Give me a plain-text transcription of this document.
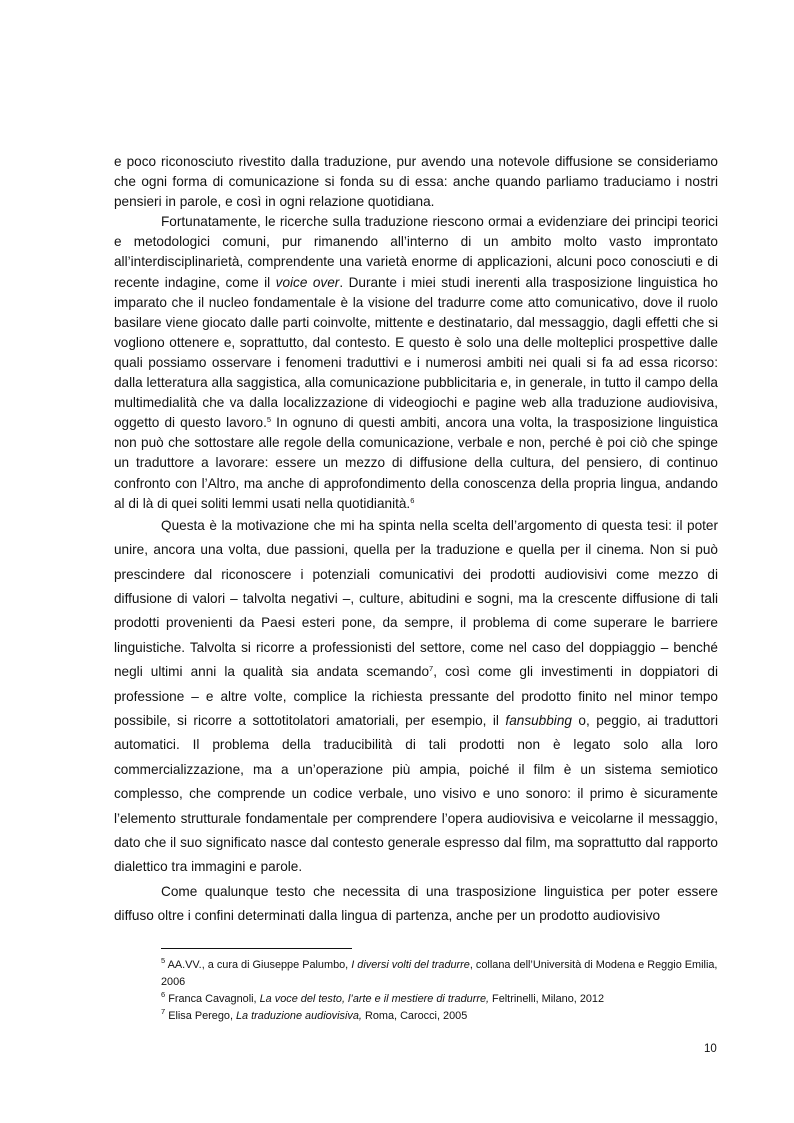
e poco riconosciuto rivestito dalla traduzione, pur avendo una notevole diffusione se consideriamo che ogni forma di comunicazione si fonda su di essa: anche quando parliamo traduciamo i nostri pensieri in parole, e così in ogni relazione quotidiana.

Fortunatamente, le ricerche sulla traduzione riescono ormai a evidenziare dei principi teorici e metodologici comuni, pur rimanendo all’interno di un ambito molto vasto improntato all’interdisciplinarietà, comprendente una varietà enorme di applicazioni, alcuni poco conosciuti e di recente indagine, come il voice over. Durante i miei studi inerenti alla trasposizione linguistica ho imparato che il nucleo fondamentale è la visione del tradurre come atto comunicativo, dove il ruolo basilare viene giocato dalle parti coinvolte, mittente e destinatario, dal messaggio, dagli effetti che si vogliono ottenere e, soprattutto, dal contesto. E questo è solo una delle molteplici prospettive dalle quali possiamo osservare i fenomeni traduttivi e i numerosi ambiti nei quali si fa ad essa ricorso: dalla letteratura alla saggistica, alla comunicazione pubblicitaria e, in generale, in tutto il campo della multimedialità che va dalla localizzazione di videogiochi e pagine web alla traduzione audiovisiva, oggetto di questo lavoro.$^5$ In ognuno di questi ambiti, ancora una volta, la trasposizione linguistica non può che sottostare alle regole della comunicazione, verbale e non, perché è poi ciò che spinge un traduttore a lavorare: essere un mezzo di diffusione della cultura, del pensiero, di continuo confronto con l’Altro, ma anche di approfondimento della conoscenza della propria lingua, andando al di là di quei soliti lemmi usati nella quotidianità.$^6$

Questa è la motivazione che mi ha spinta nella scelta dell’argomento di questa tesi: il poter unire, ancora una volta, due passioni, quella per la traduzione e quella per il cinema. Non si può prescindere dal riconoscere i potenziali comunicativi dei prodotti audiovisivi come mezzo di diffusione di valori – talvolta negativi –, culture, abitudini e sogni, ma la crescente diffusione di tali prodotti provenienti da Paesi esteri pone, da sempre, il problema di come superare le barriere linguistiche. Talvolta si ricorre a professionisti del settore, come nel caso del doppiaggio – benché negli ultimi anni la qualità sia andata scemando$^7$, così come gli investimenti in doppiatori di professione – e altre volte, complice la richiesta pressante del prodotto finito nel minor tempo possibile, si ricorre a sottotitolatori amatoriali, per esempio, il fansubbing o, peggio, ai traduttori automatici. Il problema della traducibilità di tali prodotti non è legato solo alla loro commercializzazione, ma a un’operazione più ampia, poiché il film è un sistema semiotico complesso, che comprende un codice verbale, uno visivo e uno sonoro: il primo è sicuramente l’elemento strutturale fondamentale per comprendere l’opera audiovisiva e veicolarne il messaggio, dato che il suo significato nasce dal contesto generale espresso dal film, ma soprattutto dal rapporto dialettico tra immagini e parole.

Come qualunque testo che necessita di una trasposizione linguistica per poter essere diffuso oltre i confini determinati dalla lingua di partenza, anche per un prodotto audiovisivo

$^5$ AA.VV., a cura di Giuseppe Palumbo, I diversi volti del tradurre, collana dell’Università di Modena e Reggio Emilia, 2006

$^6$ Franca Cavagnoli, La voce del testo, l’arte e il mestiere di tradurre, Feltrinelli, Milano, 2012

$^7$ Elisa Perego, La traduzione audiovisiva, Roma, Carocci, 2005

10
